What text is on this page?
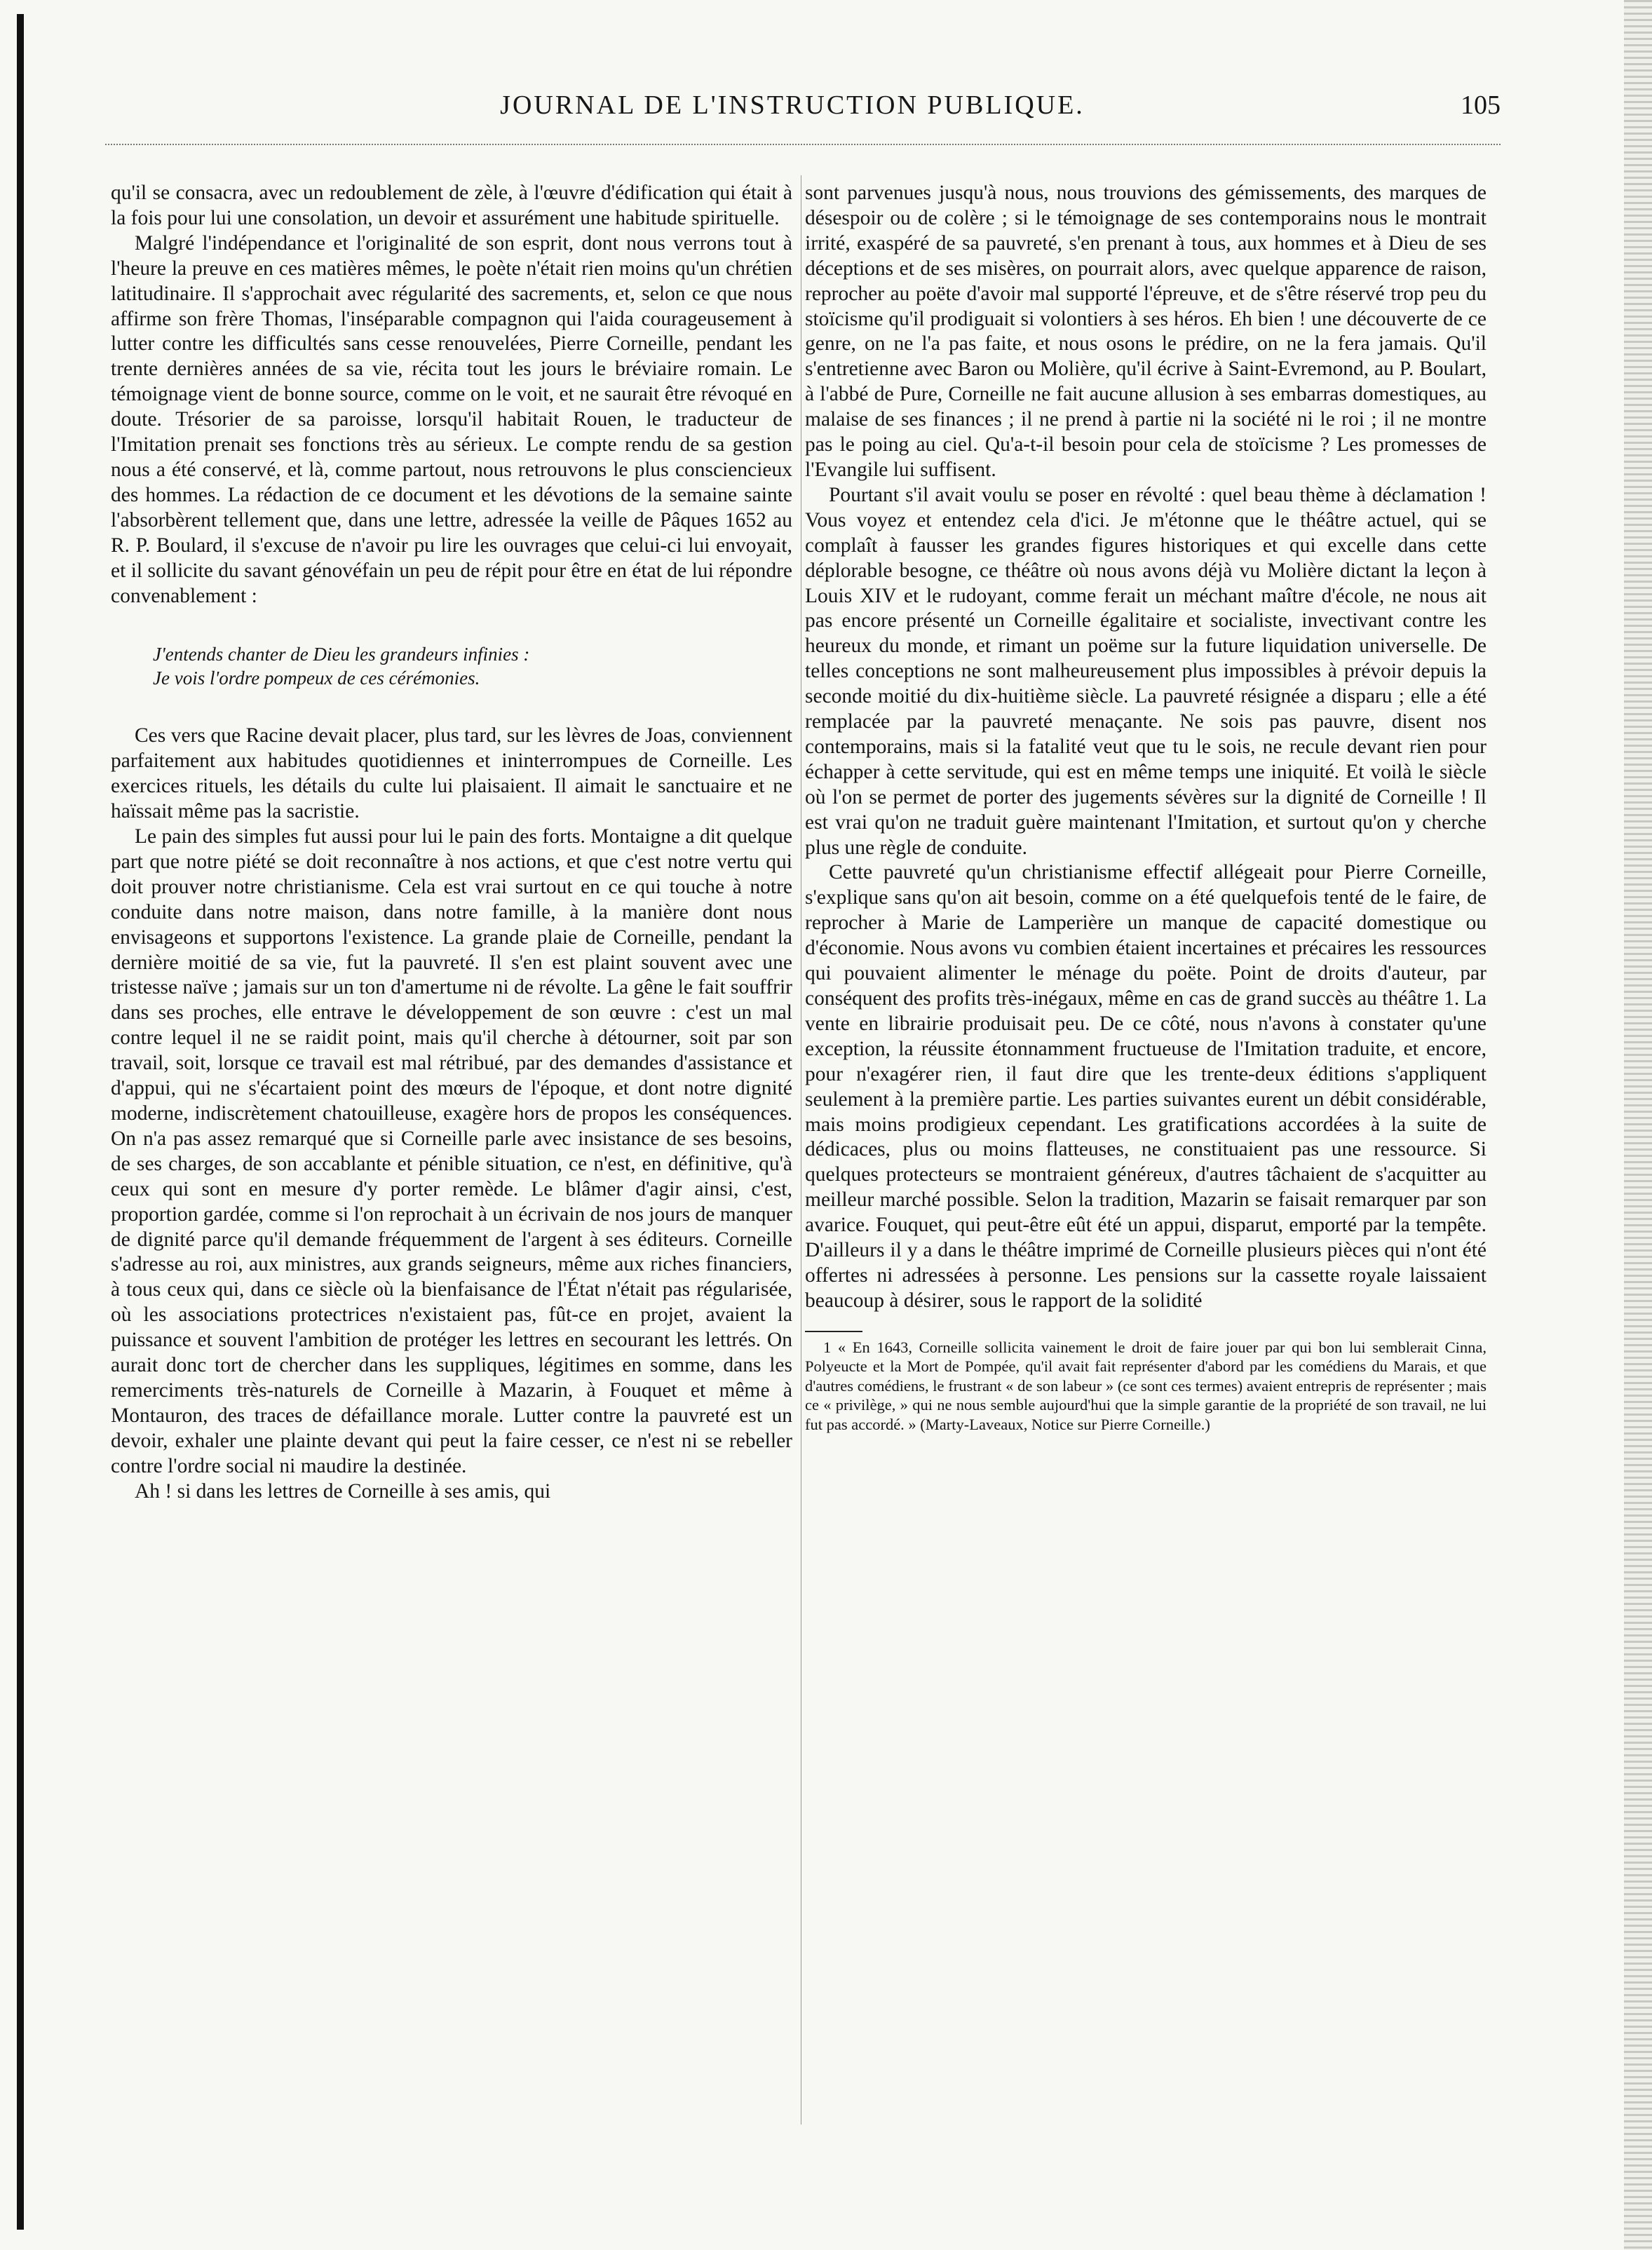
JOURNAL DE L'INSTRUCTION PUBLIQUE.	105

qu'il se consacra, avec un redoublement de zèle, à l'œuvre d'édification qui était à la fois pour lui une consolation, un devoir et assurément une habitude spirituelle.

Malgré l'indépendance et l'originalité de son esprit, dont nous verrons tout à l'heure la preuve en ces matières mêmes, le poète n'était rien moins qu'un chrétien latitudinaire. Il s'approchait avec régularité des sacrements, et, selon ce que nous affirme son frère Thomas, l'inséparable compagnon qui l'aida courageusement à lutter contre les difficultés sans cesse renouvelées, Pierre Corneille, pendant les trente dernières années de sa vie, récita tout les jours le bréviaire romain. Le témoignage vient de bonne source, comme on le voit, et ne saurait être révoqué en doute. Trésorier de sa paroisse, lorsqu'il habitait Rouen, le traducteur de l'Imitation prenait ses fonctions très au sérieux. Le compte rendu de sa gestion nous a été conservé, et là, comme partout, nous retrouvons le plus consciencieux des hommes. La rédaction de ce document et les dévotions de la semaine sainte l'absorbèrent tellement que, dans une lettre, adressée la veille de Pâques 1652 au R. P. Boulard, il s'excuse de n'avoir pu lire les ouvrages que celui-ci lui envoyait, et il sollicite du savant génovéfain un peu de répit pour être en état de lui répondre convenablement :

J'entends chanter de Dieu les grandeurs infinies :
Je vois l'ordre pompeux de ces cérémonies.

Ces vers que Racine devait placer, plus tard, sur les lèvres de Joas, conviennent parfaitement aux habitudes quotidiennes et ininterrompues de Corneille. Les exercices rituels, les détails du culte lui plaisaient. Il aimait le sanctuaire et ne haïssait même pas la sacristie.

Le pain des simples fut aussi pour lui le pain des forts. Montaigne a dit quelque part que notre piété se doit reconnaître à nos actions, et que c'est notre vertu qui doit prouver notre christianisme. Cela est vrai surtout en ce qui touche à notre conduite dans notre maison, dans notre famille, à la manière dont nous envisageons et supportons l'existence. La grande plaie de Corneille, pendant la dernière moitié de sa vie, fut la pauvreté. Il s'en est plaint souvent avec une tristesse naïve ; jamais sur un ton d'amertume ni de révolte. La gêne le fait souffrir dans ses proches, elle entrave le développement de son œuvre : c'est un mal contre lequel il ne se raidit point, mais qu'il cherche à détourner, soit par son travail, soit, lorsque ce travail est mal rétribué, par des demandes d'assistance et d'appui, qui ne s'écartaient point des mœurs de l'époque, et dont notre dignité moderne, indiscrètement chatouilleuse, exagère hors de propos les conséquences. On n'a pas assez remarqué que si Corneille parle avec insistance de ses besoins, de ses charges, de son accablante et pénible situation, ce n'est, en définitive, qu'à ceux qui sont en mesure d'y porter remède. Le blâmer d'agir ainsi, c'est, proportion gardée, comme si l'on reprochait à un écrivain de nos jours de manquer de dignité parce qu'il demande fréquemment de l'argent à ses éditeurs. Corneille s'adresse au roi, aux ministres, aux grands seigneurs, même aux riches financiers, à tous ceux qui, dans ce siècle où la bienfaisance de l'État n'était pas régularisée, où les associations protectrices n'existaient pas, fût-ce en projet, avaient la puissance et souvent l'ambition de protéger les lettres en secourant les lettrés. On aurait donc tort de chercher dans les suppliques, légitimes en somme, dans les remerciments très-naturels de Corneille à Mazarin, à Fouquet et même à Montauron, des traces de défaillance morale. Lutter contre la pauvreté est un devoir, exhaler une plainte devant qui peut la faire cesser, ce n'est ni se rebeller contre l'ordre social ni maudire la destinée.

Ah ! si dans les lettres de Corneille à ses amis, qui

sont parvenues jusqu'à nous, nous trouvions des gémissements, des marques de désespoir ou de colère ; si le témoignage de ses contemporains nous le montrait irrité, exaspéré de sa pauvreté, s'en prenant à tous, aux hommes et à Dieu de ses déceptions et de ses misères, on pourrait alors, avec quelque apparence de raison, reprocher au poëte d'avoir mal supporté l'épreuve, et de s'être réservé trop peu du stoïcisme qu'il prodiguait si volontiers à ses héros. Eh bien ! une découverte de ce genre, on ne l'a pas faite, et nous osons le prédire, on ne la fera jamais. Qu'il s'entretienne avec Baron ou Molière, qu'il écrive à Saint-Evremond, au P. Boulart, à l'abbé de Pure, Corneille ne fait aucune allusion à ses embarras domestiques, au malaise de ses finances ; il ne prend à partie ni la société ni le roi ; il ne montre pas le poing au ciel. Qu'a-t-il besoin pour cela de stoïcisme ? Les promesses de l'Evangile lui suffisent.

Pourtant s'il avait voulu se poser en révolté : quel beau thème à déclamation ! Vous voyez et entendez cela d'ici. Je m'étonne que le théâtre actuel, qui se complaît à fausser les grandes figures historiques et qui excelle dans cette déplorable besogne, ce théâtre où nous avons déjà vu Molière dictant la leçon à Louis XIV et le rudoyant, comme ferait un méchant maître d'école, ne nous ait pas encore présenté un Corneille égalitaire et socialiste, invectivant contre les heureux du monde, et rimant un poëme sur la future liquidation universelle. De telles conceptions ne sont malheureusement plus impossibles à prévoir depuis la seconde moitié du dix-huitième siècle. La pauvreté résignée a disparu ; elle a été remplacée par la pauvreté menaçante. Ne sois pas pauvre, disent nos contemporains, mais si la fatalité veut que tu le sois, ne recule devant rien pour échapper à cette servitude, qui est en même temps une iniquité. Et voilà le siècle où l'on se permet de porter des jugements sévères sur la dignité de Corneille ! Il est vrai qu'on ne traduit guère maintenant l'Imitation, et surtout qu'on y cherche plus une règle de conduite.

Cette pauvreté qu'un christianisme effectif allégeait pour Pierre Corneille, s'explique sans qu'on ait besoin, comme on a été quelquefois tenté de le faire, de reprocher à Marie de Lamperière un manque de capacité domestique ou d'économie. Nous avons vu combien étaient incertaines et précaires les ressources qui pouvaient alimenter le ménage du poëte. Point de droits d'auteur, par conséquent des profits très-inégaux, même en cas de grand succès au théâtre 1. La vente en librairie produisait peu. De ce côté, nous n'avons à constater qu'une exception, la réussite étonnamment fructueuse de l'Imitation traduite, et encore, pour n'exagérer rien, il faut dire que les trente-deux éditions s'appliquent seulement à la première partie. Les parties suivantes eurent un débit considérable, mais moins prodigieux cependant. Les gratifications accordées à la suite de dédicaces, plus ou moins flatteuses, ne constituaient pas une ressource. Si quelques protecteurs se montraient généreux, d'autres tâchaient de s'acquitter au meilleur marché possible. Selon la tradition, Mazarin se faisait remarquer par son avarice. Fouquet, qui peut-être eût été un appui, disparut, emporté par la tempête. D'ailleurs il y a dans le théâtre imprimé de Corneille plusieurs pièces qui n'ont été offertes ni adressées à personne. Les pensions sur la cassette royale laissaient beaucoup à désirer, sous le rapport de la solidité

1 « En 1643, Corneille sollicita vainement le droit de faire jouer par qui bon lui semblerait Cinna, Polyeucte et la Mort de Pompée, qu'il avait fait représenter d'abord par les comédiens du Marais, et que d'autres comédiens, le frustrant « de son labeur » (ce sont ces termes) avaient entrepris de représenter ; mais ce « privilège, » qui ne nous semble aujourd'hui que la simple garantie de la propriété de son travail, ne lui fut pas accordé. » (Marty-Laveaux, Notice sur Pierre Corneille.)
